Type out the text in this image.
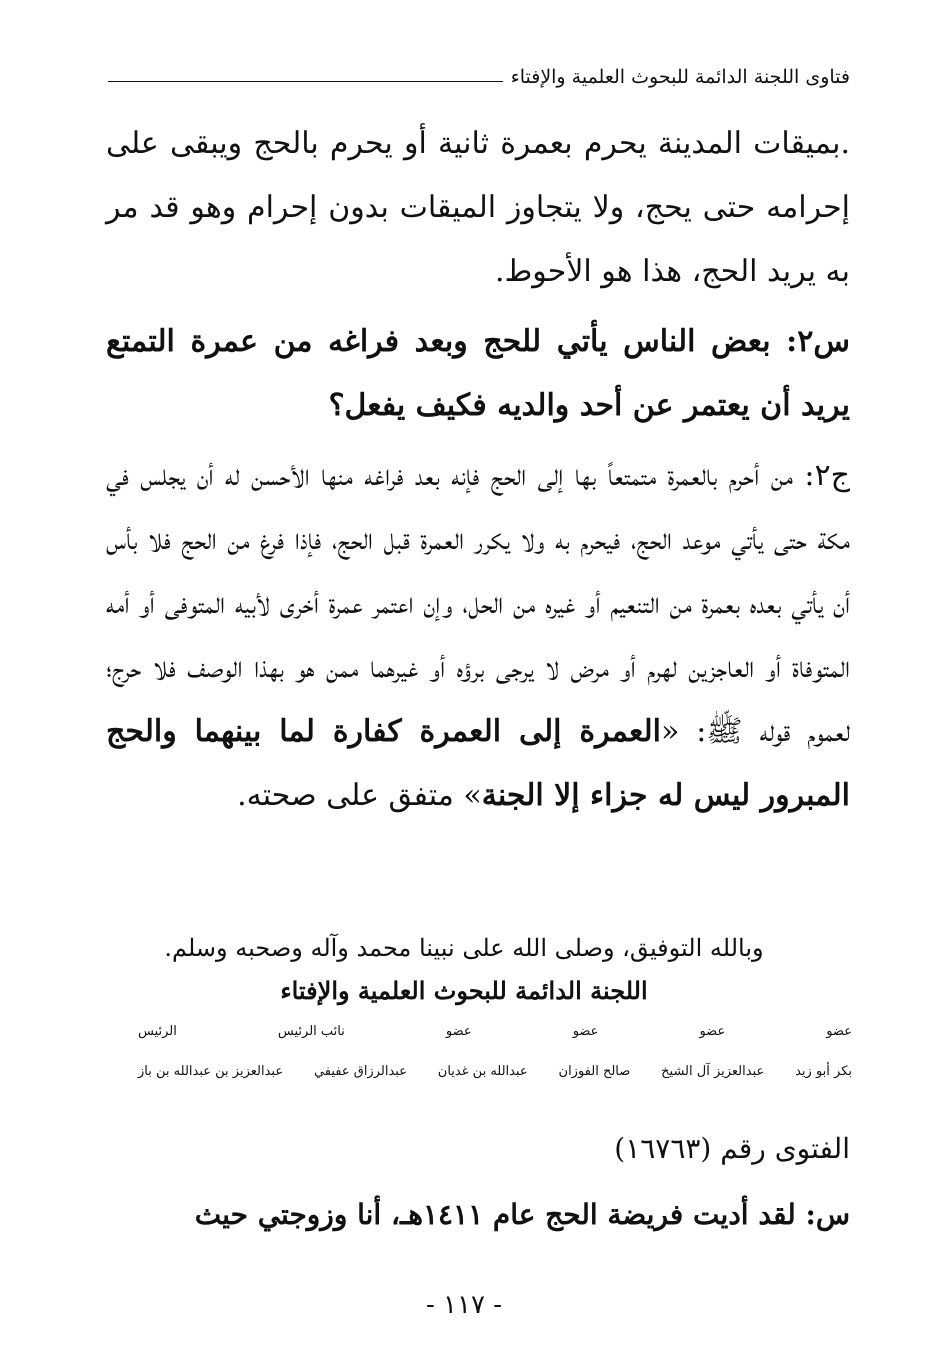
فتاوى اللجنة الدائمة للبحوث العلمية والإفتاء

.بميقات المدينة يحرم بعمرة ثانية أو يحرم بالحج ويبقى على إحرامه حتى يحج، ولا يتجاوز الميقات بدون إحرام وهو قد مر به يريد الحج، هذا هو الأحوط.

س٢: بعض الناس يأتي للحج وبعد فراغه من عمرة التمتع يريد أن يعتمر عن أحد والديه فكيف يفعل؟

ج٢: من أحرم بالعمرة متمتعاً بها إلى الحج فإنه بعد فراغه منها الأحسن له أن يجلس في مكة حتى يأتي موعد الحج، فيحرم به ولا يكرر العمرة قبل الحج، فإذا فرغ من الحج فلا بأس أن يأتي بعده بعمرة من التنعيم أو غيره من الحل، وإن اعتمر عمرة أخرى لأبيه المتوفى أو أمه المتوفاة أو العاجزين لهرم أو مرض لا يرجى برؤه أو غيرهما ممن هو بهذا الوصف فلا حرج؛ لعموم قوله ﷺ: «العمرة إلى العمرة كفارة لما بينهما والحج المبرور ليس له جزاء إلا الجنة» متفق على صحته.

وبالله التوفيق، وصلى الله على نبينا محمد وآله وصحبه وسلم.
اللجنة الدائمة للبحوث العلمية والإفتاء
عضو
عضو
عضو
عضو
نائب الرئيس
الرئيس
بكر أبو زيد
عبدالعزيز آل الشيخ
صالح الفوزان
عبدالله بن غديان
عبدالرزاق عفيفي
عبدالعزيز بن عبدالله بن باز
الفتوى رقم (١٦٧٦٣)
س: لقد أديت فريضة الحج عام ١٤١١هـ، أنا وزوجتي حيث
- ١١٧ -
